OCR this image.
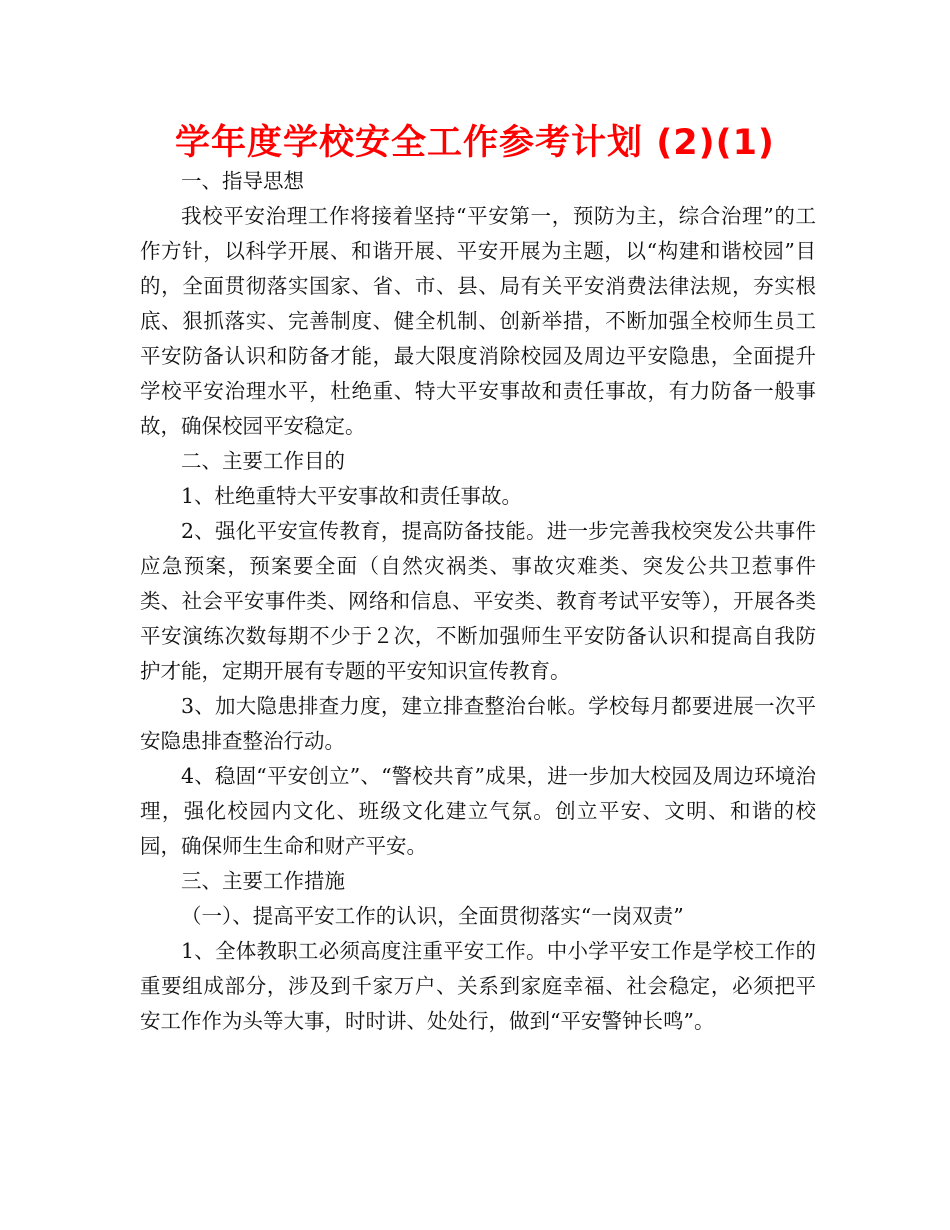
学年度学校安全工作参考计划 (2)(1)

一、指导思想

我校平安治理工作将接着坚持“平安第一，预防为主，综合治理”的工作方针，以科学开展、和谐开展、平安开展为主题，以“构建和谐校园”目的，全面贯彻落实国家、省、市、县、局有关平安消费法律法规，夯实根底、狠抓落实、完善制度、健全机制、创新举措，不断加强全校师生员工平安防备认识和防备才能，最大限度消除校园及周边平安隐患，全面提升学校平安治理水平，杜绝重、特大平安事故和责任事故，有力防备一般事故，确保校园平安稳定。

二、主要工作目的

1、杜绝重特大平安事故和责任事故。

2、强化平安宣传教育，提高防备技能。进一步完善我校突发公共事件应急预案，预案要全面（自然灾祸类、事故灾难类、突发公共卫惹事件类、社会平安事件类、网络和信息、平安类、教育考试平安等），开展各类平安演练次数每期不少于２次，不断加强师生平安防备认识和提高自我防护才能，定期开展有专题的平安知识宣传教育。

3、加大隐患排查力度，建立排查整治台帐。学校每月都要进展一次平安隐患排查整治行动。

4、稳固“平安创立”、“警校共育”成果，进一步加大校园及周边环境治理，强化校园内文化、班级文化建立气氛。创立平安、文明、和谐的校园，确保师生生命和财产平安。

三、主要工作措施

（一）、提高平安工作的认识，全面贯彻落实“一岗双责”

1、全体教职工必须高度注重平安工作。中小学平安工作是学校工作的重要组成部分，涉及到千家万户、关系到家庭幸福、社会稳定，必须把平安工作作为头等大事，时时讲、处处行，做到“平安警钟长鸣”。
